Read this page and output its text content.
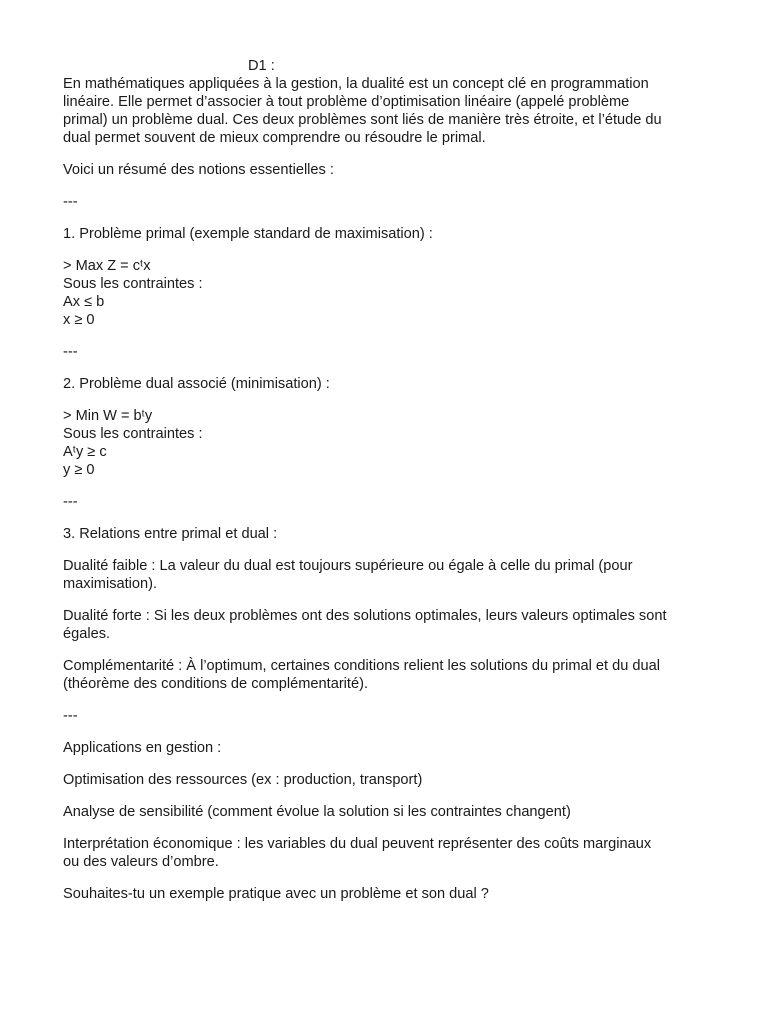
D1 :

En mathématiques appliquées à la gestion, la dualité est un concept clé en programmation
linéaire. Elle permet d’associer à tout problème d’optimisation linéaire (appelé problème
primal) un problème dual. Ces deux problèmes sont liés de manière très étroite, et l’étude du
dual permet souvent de mieux comprendre ou résoudre le primal.

Voici un résumé des notions essentielles :

---

1. Problème primal (exemple standard de maximisation) :

> Max Z = cᵗx
Sous les contraintes :
Ax ≤ b
x ≥ 0

---

2. Problème dual associé (minimisation) :

> Min W = bᵗy
Sous les contraintes :
Aᵗy ≥ c
y ≥ 0

---

3. Relations entre primal et dual :

Dualité faible : La valeur du dual est toujours supérieure ou égale à celle du primal (pour
maximisation).

Dualité forte : Si les deux problèmes ont des solutions optimales, leurs valeurs optimales sont
égales.

Complémentarité : À l’optimum, certaines conditions relient les solutions du primal et du dual
(théorème des conditions de complémentarité).

---

Applications en gestion :

Optimisation des ressources (ex : production, transport)

Analyse de sensibilité (comment évolue la solution si les contraintes changent)

Interprétation économique : les variables du dual peuvent représenter des coûts marginaux
ou des valeurs d’ombre.

Souhaites-tu un exemple pratique avec un problème et son dual ?
